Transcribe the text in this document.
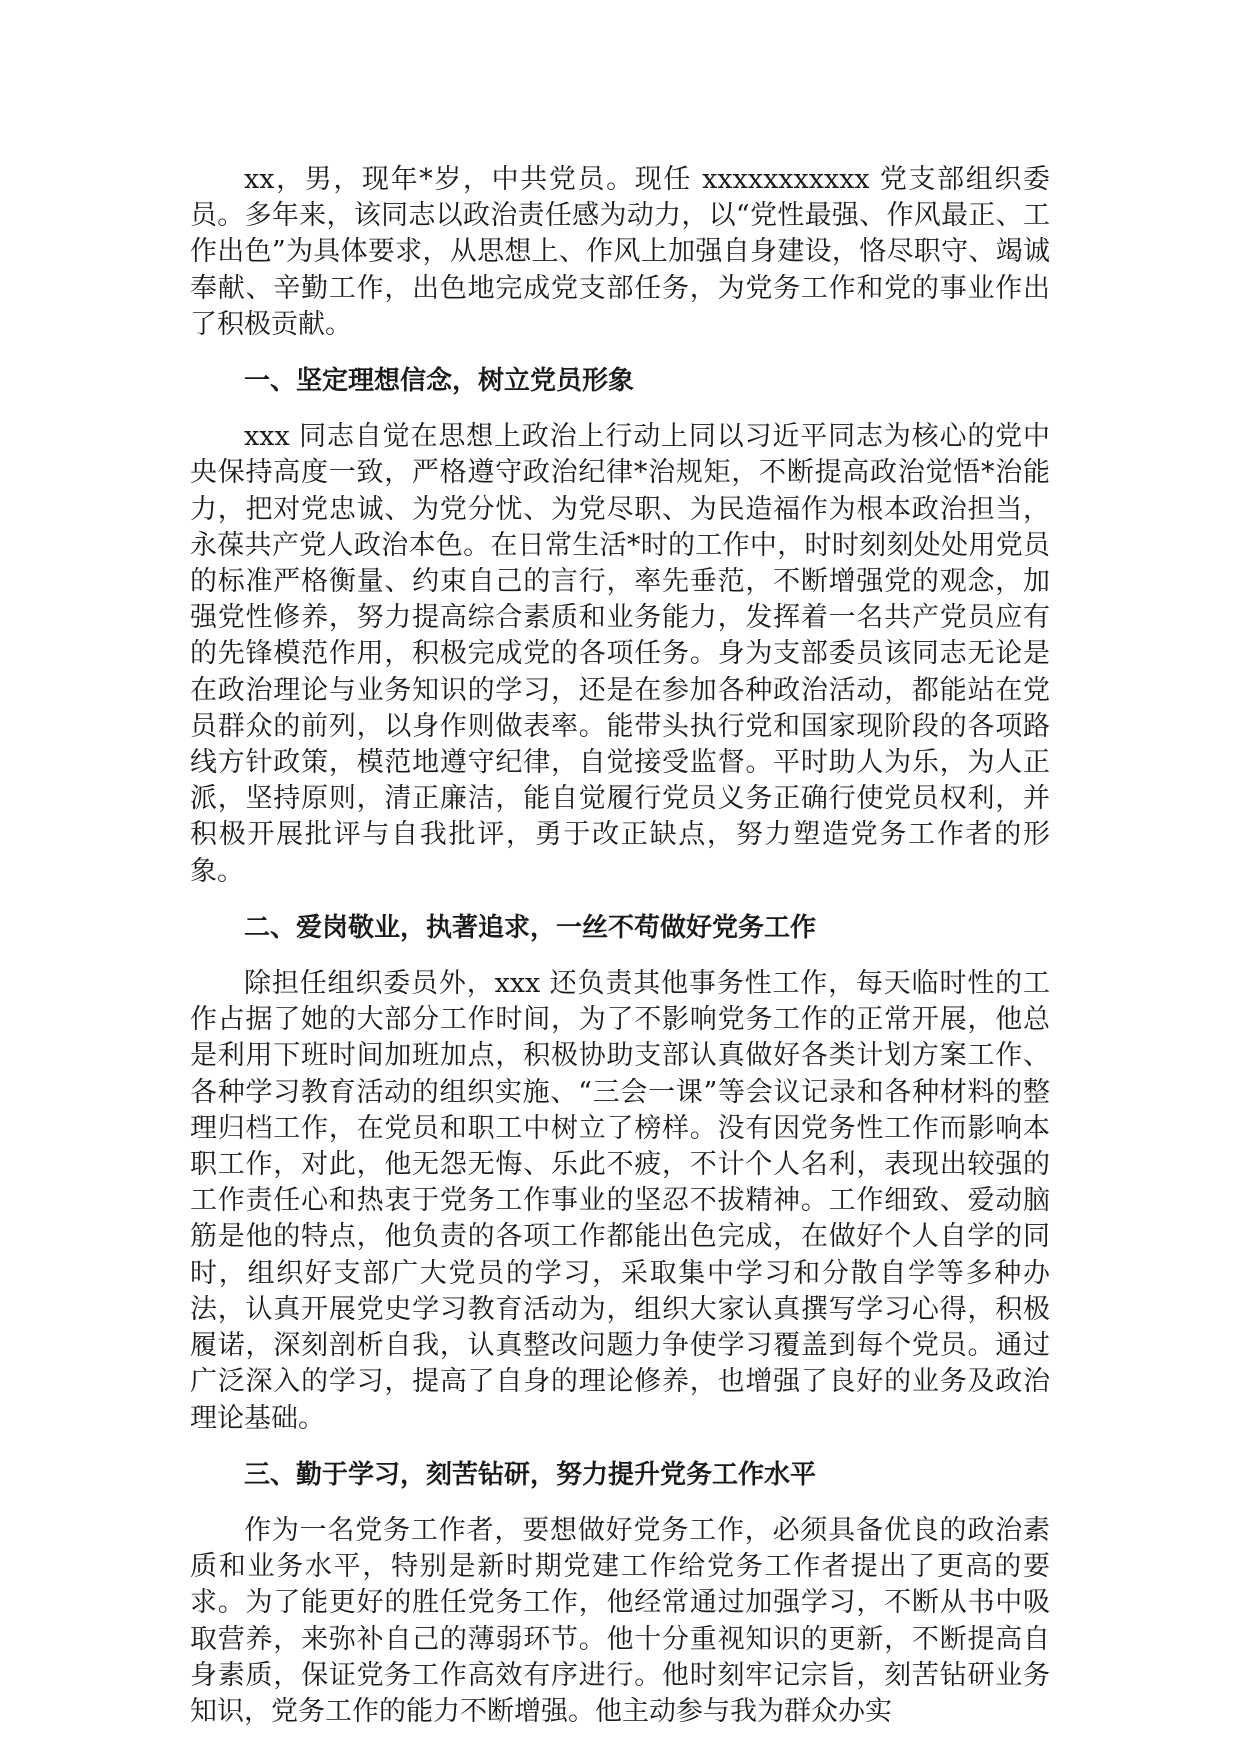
xx，男，现年*岁，中共党员。现任 xxxxxxxxxxx 党支部组织委员。多年来，该同志以政治责任感为动力，以“党性最强、作风最正、工作出色”为具体要求，从思想上、作风上加强自身建设，恪尽职守、竭诚奉献、辛勤工作，出色地完成党支部任务，为党务工作和党的事业作出了积极贡献。

一、坚定理想信念，树立党员形象

xxx 同志自觉在思想上政治上行动上同以习近平同志为核心的党中央保持高度一致，严格遵守政治纪律*治规矩，不断提高政治觉悟*治能力，把对党忠诚、为党分忧、为党尽职、为民造福作为根本政治担当，永葆共产党人政治本色。在日常生活*时的工作中，时时刻刻处处用党员的标准严格衡量、约束自己的言行，率先垂范，不断增强党的观念，加强党性修养，努力提高综合素质和业务能力，发挥着一名共产党员应有的先锋模范作用，积极完成党的各项任务。身为支部委员该同志无论是在政治理论与业务知识的学习，还是在参加各种政治活动，都能站在党员群众的前列，以身作则做表率。能带头执行党和国家现阶段的各项路线方针政策，模范地遵守纪律，自觉接受监督。平时助人为乐，为人正派，坚持原则，清正廉洁，能自觉履行党员义务正确行使党员权利，并积极开展批评与自我批评，勇于改正缺点，努力塑造党务工作者的形象。

二、爱岗敬业，执著追求，一丝不苟做好党务工作

除担任组织委员外，xxx 还负责其他事务性工作，每天临时性的工作占据了她的大部分工作时间，为了不影响党务工作的正常开展，他总是利用下班时间加班加点，积极协助支部认真做好各类计划方案工作、各种学习教育活动的组织实施、“三会一课”等会议记录和各种材料的整理归档工作，在党员和职工中树立了榜样。没有因党务性工作而影响本职工作，对此，他无怨无悔、乐此不疲，不计个人名利，表现出较强的工作责任心和热衷于党务工作事业的坚忍不拔精神。工作细致、爱动脑筋是他的特点，他负责的各项工作都能出色完成，在做好个人自学的同时，组织好支部广大党员的学习，采取集中学习和分散自学等多种办法，认真开展党史学习教育活动为，组织大家认真撰写学习心得，积极履诺，深刻剖析自我，认真整改问题力争使学习覆盖到每个党员。通过广泛深入的学习，提高了自身的理论修养，也增强了良好的业务及政治理论基础。

三、勤于学习，刻苦钻研，努力提升党务工作水平

作为一名党务工作者，要想做好党务工作，必须具备优良的政治素质和业务水平，特别是新时期党建工作给党务工作者提出了更高的要求。为了能更好的胜任党务工作，他经常通过加强学习，不断从书中吸取营养，来弥补自己的薄弱环节。他十分重视知识的更新，不断提高自身素质，保证党务工作高效有序进行。他时刻牢记宗旨，刻苦钻研业务知识，党务工作的能力不断增强。他主动参与我为群众办实
